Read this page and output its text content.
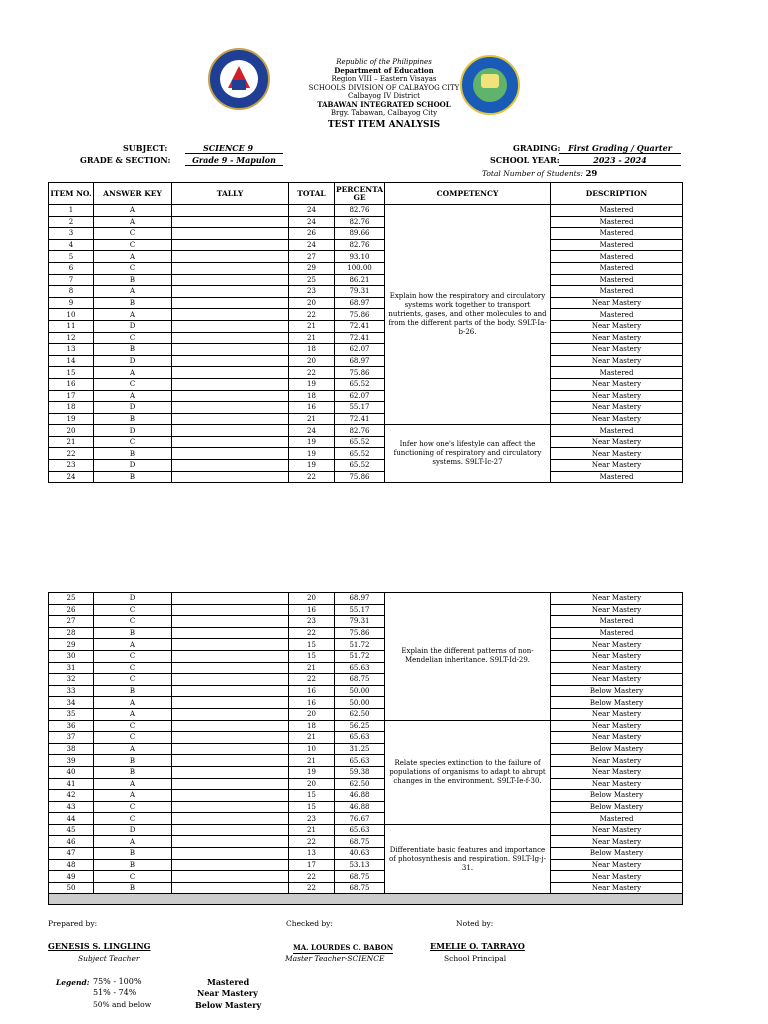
Republic of the Philippines
Department of Education
Region VIII – Eastern Visayas
SCHOOLS DIVISION OF CALBAYOG CITY
Calbayog IV District
TABAWAN INTEGRATED SCHOOL
Brgy. Tabawan, Calbayog City
TEST ITEM ANALYSIS
SUBJECT:	SCIENCE 9
GRADE & SECTION:	Grade 9 - Mapulon
GRADING: First Grading / Quarter
SCHOOL YEAR:	2023 - 2024
Total Number of Students: 29
ITEM NO.	ANSWER KEY	TALLY	TOTAL	PERCENTAGE	COMPETENCY	DESCRIPTION
1	A		24	82.76	Explain how the respiratory and circulatory systems work together to transport nutrients, gases, and other molecules to and from the different parts of the body. S9LT-Ia-b-26.	Mastered
2	A		24	82.76		Mastered
3	C		26	89.66		Mastered
4	C		24	82.76		Mastered
5	A		27	93.10		Mastered
6	C		29	100.00		Mastered
7	B		25	86.21		Mastered
8	A		23	79.31		Mastered
9	B		20	68.97		Near Mastery
10	A		22	75.86		Mastered
11	D		21	72.41		Near Mastery
12	C		21	72.41		Near Mastery
13	B		18	62.07		Near Mastery
14	D		20	68.97		Near Mastery
15	A		22	75.86		Mastered
16	C		19	65.52		Near Mastery
17	A		18	62.07		Near Mastery
18	D		16	55.17		Near Mastery
19	B		21	72.41		Near Mastery
20	D		24	82.76	Infer how one's lifestyle can affect the functioning of respiratory and circulatory systems. S9LT-Ic-27	Mastered
21	C		19	65.52		Near Mastery
22	B		19	65.52		Near Mastery
23	D		19	65.52		Near Mastery
24	B		22	75.86		Mastered
25	D		20	68.97	Explain the different patterns of non-Mendelian inheritance. S9LT-Id-29.	Near Mastery
26	C		16	55.17		Near Mastery
27	C		23	79.31		Mastered
28	B		22	75.86		Mastered
29	A		15	51.72		Near Mastery
30	C		15	51.72		Near Mastery
31	C		21	65.63		Near Mastery
32	C		22	68.75		Near Mastery
33	B		16	50.00		Below Mastery
34	A		16	50.00		Below Mastery
35	A		20	62.50		Near Mastery
36	C		18	56.25	Relate species extinction to the failure of populations of organisms to adapt to abrupt changes in the environment. S9LT-Ie-f-30.	Near Mastery
37	C		21	65.63		Near Mastery
38	A		10	31.25		Below Mastery
39	B		21	65.63		Near Mastery
40	B		19	59.38		Near Mastery
41	A		20	62.50		Near Mastery
42	A		15	46.88		Below Mastery
43	C		15	46.88		Below Mastery
44	C		23	76.67		Mastered
45	D		21	65.63	Differentiate basic features and importance of photosynthesis and respiration. S9LT-Ig-j-31.	Near Mastery
46	A		22	68.75		Near Mastery
47	B		13	40.63		Below Mastery
48	B		17	53.13		Near Mastery
49	C		22	68.75		Near Mastery
50	B		22	68.75		Near Mastery

Prepared by:	Checked by:	Noted by:
GENESIS S. LINGLING
Subject Teacher
MA. LOURDES C. BABON
Master Teacher-SCIENCE
EMELIE O. TARRAYO
School Principal
Legend: 75% - 100%	Mastered
51% - 74%	Near Mastery
50% and below	Below Mastery
